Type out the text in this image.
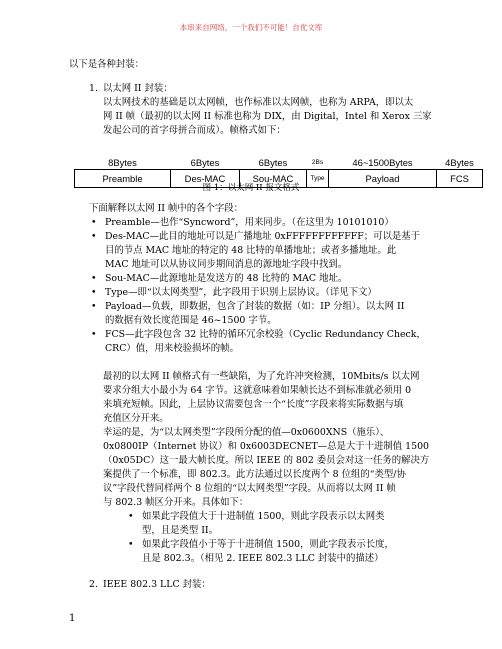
本串来自网络，一个我们不可能！自优文库
以下是各种封装：
1. 以太网 II 封装：
以太网技术的基础是以太网帧，也作标准以太网帧，也称为 ARPA，即以太
网 II 帧（最初的以太网 II 标准也称为 DIX，由 Digital，Intel 和 Xerox 三家
发起公司的首字母拼合而成）。帧格式如下：
8Bytes	6Bytes	6Bytes	2Bs	46~1500Bytes	4Bytes
Preamble	Des-MAC	Sou-MAC	Type	Payload	FCS
图 1：以太网 II 报文格式
下面解释以太网 II 帧中的各个字段：
• Preamble—也作“Syncword”，用来同步。（在这里为 10101010）
• Des-MAC—此目的地址可以是广播地址 0xFFFFFFFFFFFF；可以是基于
目的节点 MAC 地址的特定的 48 比特的单播地址；或者多播地址。此
MAC 地址可以从协议同步期间消息的源地址字段中找到。
• Sou-MAC—此源地址是发送方的 48 比特的 MAC 地址。
• Type—即“以太网类型”，此字段用于识别上层协议。（详见下文）
• Payload—负载，即数据，包含了封装的数据（如：IP 分组）。以太网 II
的数据有效长度范围是 46~1500 字节。
• FCS—此字段包含 32 比特的循环冗余校验（Cyclic Redundancy Check，
CRC）值，用来校验损坏的帧。
最初的以太网 II 帧格式有一些缺陷，为了允许冲突检测，10Mbits/s 以太网
要求分组大小最小为 64 字节。这就意味着如果帧长达不到标准就必须用 0
来填充短帧。因此，上层协议需要包含一个“长度”字段来将实际数据与填
充值区分开来。
幸运的是，为“以太网类型”字段所分配的值—0x0600XNS（施乐）、
0x0800IP（Internet 协议）和 0x6003DECNET—总是大于十进制值 1500
（0x05DC）这一最大帧长度。所以 IEEE 的 802 委员会对这一任务的解决方
案提供了一个标准，即 802.3。此方法通过以长度两个 8 位组的“类型/协
议”字段代替同样两个 8 位组的“以太网类型”字段。从而将以太网 II 帧
与 802.3 帧区分开来。具体如下：
• 如果此字段值大于十进制值 1500，则此字段表示以太网类
型，且是类型 II。
• 如果此字段值小于等于十进制值 1500，则此字段表示长度，
且是 802.3。（相见 2. IEEE 802.3 LLC 封装中的描述）
2. IEEE 802.3 LLC 封装：
1
